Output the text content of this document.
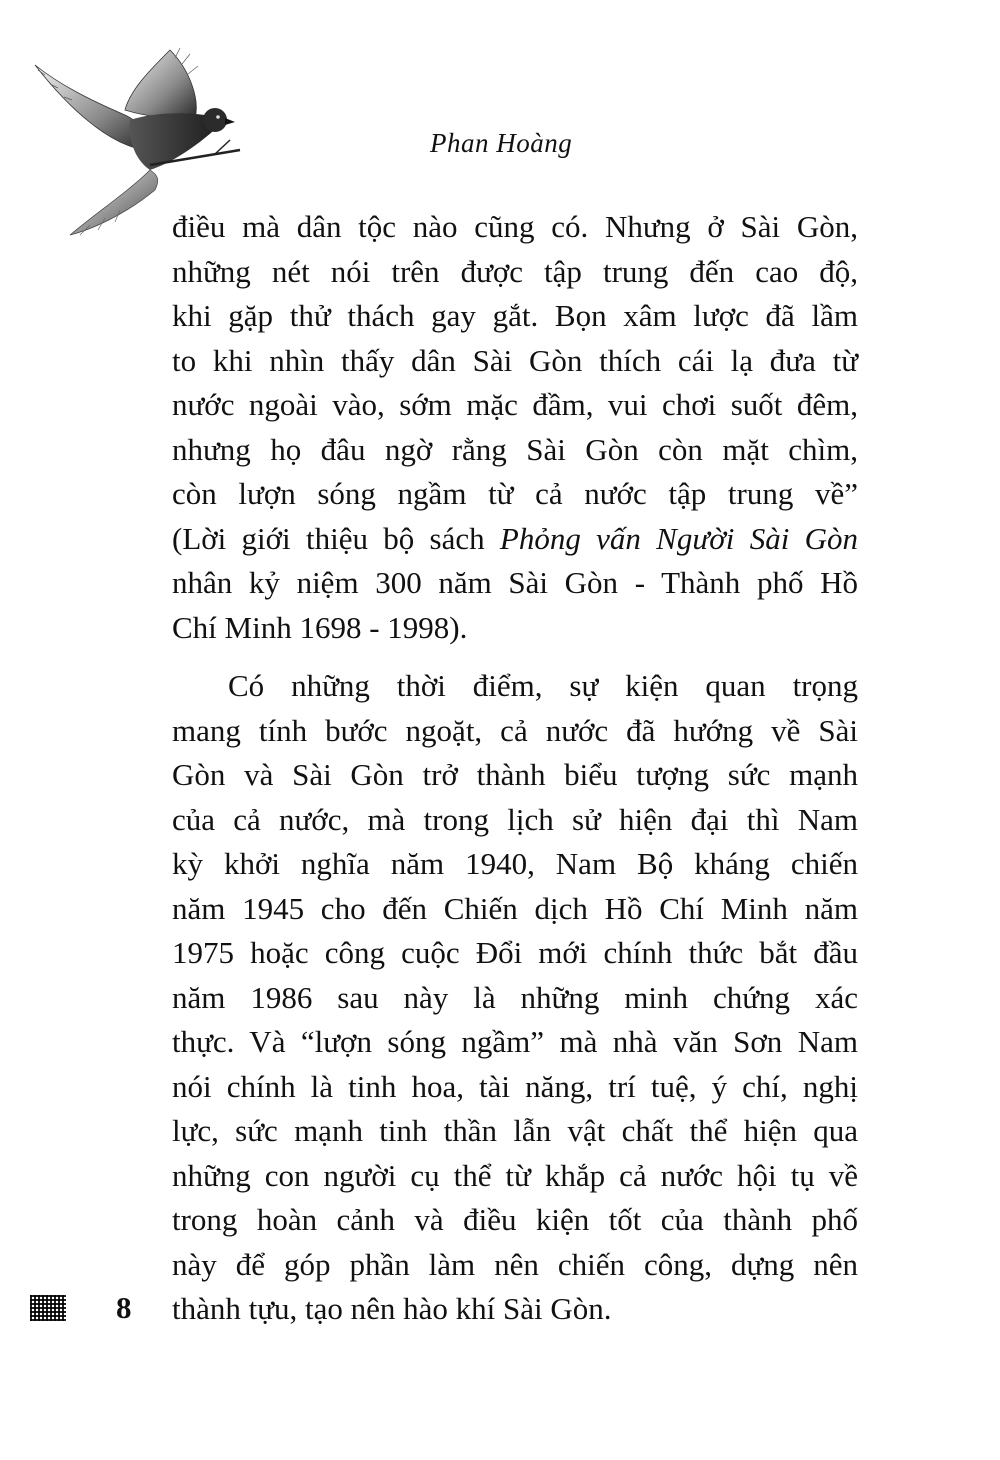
Phan Hoàng

điều mà dân tộc nào cũng có. Nhưng ở Sài Gòn,
những nét nói trên được tập trung đến cao độ,
khi gặp thử thách gay gắt. Bọn xâm lược đã lầm
to khi nhìn thấy dân Sài Gòn thích cái lạ đưa từ
nước ngoài vào, sớm mặc đầm, vui chơi suốt đêm,
nhưng họ đâu ngờ rằng Sài Gòn còn mặt chìm,
còn lượn sóng ngầm từ cả nước tập trung về”
(Lời giới thiệu bộ sách Phỏng vấn Người Sài Gòn
nhân kỷ niệm 300 năm Sài Gòn - Thành phố Hồ
Chí Minh 1698 - 1998).

Có những thời điểm, sự kiện quan trọng
mang tính bước ngoặt, cả nước đã hướng về Sài
Gòn và Sài Gòn trở thành biểu tượng sức mạnh
của cả nước, mà trong lịch sử hiện đại thì Nam
kỳ khởi nghĩa năm 1940, Nam Bộ kháng chiến
năm 1945 cho đến Chiến dịch Hồ Chí Minh năm
1975 hoặc công cuộc Đổi mới chính thức bắt đầu
năm 1986 sau này là những minh chứng xác
thực. Và “lượn sóng ngầm” mà nhà văn Sơn Nam
nói chính là tinh hoa, tài năng, trí tuệ, ý chí, nghị
lực, sức mạnh tinh thần lẫn vật chất thể hiện qua
những con người cụ thể từ khắp cả nước hội tụ về
trong hoàn cảnh và điều kiện tốt của thành phố
này để góp phần làm nên chiến công, dựng nên
thành tựu, tạo nên hào khí Sài Gòn.

8
